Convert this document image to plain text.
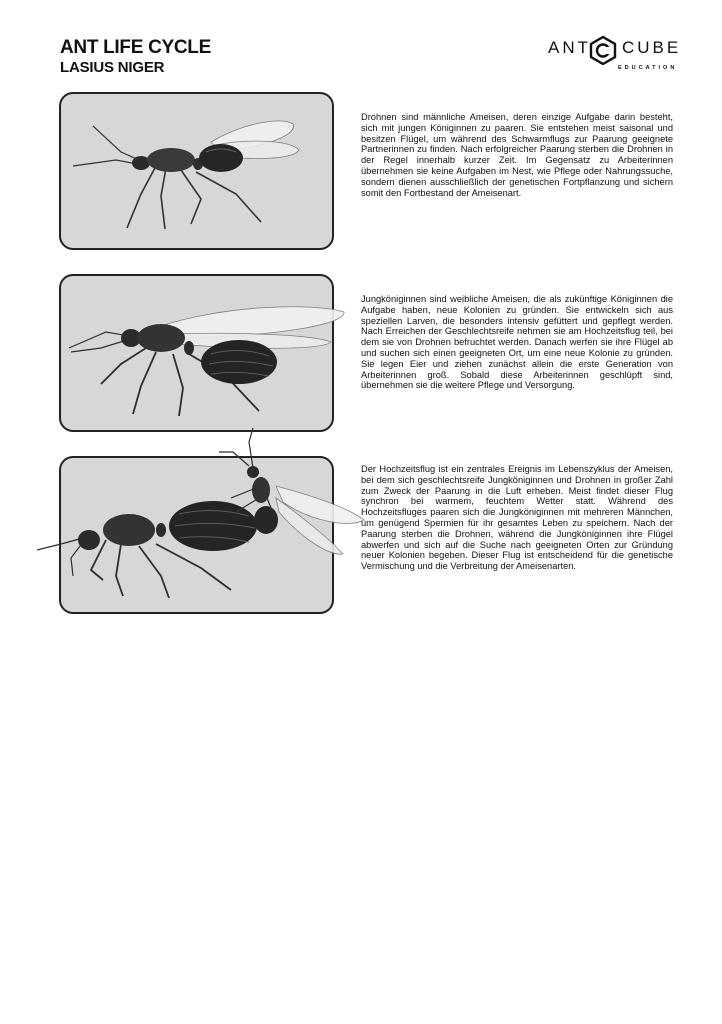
ANT LIFE CYCLE
LASIUS NIGER
ANT CUBE
EDUCATION
Drohnen sind männliche Ameisen, deren einzige Aufgabe darin besteht, sich mit jungen Königinnen zu paaren. Sie entstehen meist saisonal und besitzen Flügel, um während des Schwarmflugs zur Paarung geeignete Partnerinnen zu finden. Nach erfolgreicher Paarung sterben die Drohnen in der Regel innerhalb kurzer Zeit. Im Gegensatz zu Arbeiterinnen übernehmen sie keine Aufgaben im Nest, wie Pflege oder Nahrungssuche, sondern dienen ausschließlich der genetischen Fortpflanzung und sichern somit den Fortbestand der Ameisenart.
Jungköniginnen sind weibliche Ameisen, die als zukünftige Königinnen die Aufgabe haben, neue Kolonien zu gründen. Sie entwickeln sich aus speziellen Larven, die besonders intensiv gefüttert und gepflegt werden. Nach Erreichen der Geschlechtsreife nehmen sie am Hochzeitsflug teil, bei dem sie von Drohnen befruchtet werden. Danach werfen sie ihre Flügel ab und suchen sich einen geeigneten Ort, um eine neue Kolonie zu gründen. Sie legen Eier und ziehen zunächst allein die erste Generation von Arbeiterinnen groß. Sobald diese Arbeiterinnen geschlüpft sind, übernehmen sie die weitere Pflege und Versorgung.
Der Hochzeitsflug ist ein zentrales Ereignis im Lebenszyklus der Ameisen, bei dem sich geschlechtsreife Jungköniginnen und Drohnen in großer Zahl zum Zweck der Paarung in die Luft erheben. Meist findet dieser Flug synchron bei warmem, feuchtem Wetter statt. Während des Hochzeitsfluges paaren sich die Jungköniginnen mit mehreren Männchen, um genügend Spermien für ihr gesamtes Leben zu speichern. Nach der Paarung sterben die Drohnen, während die Jungköniginnen ihre Flügel abwerfen und sich auf die Suche nach geeigneten Orten zur Gründung neuer Kolonien begeben. Dieser Flug ist entscheidend für die genetische Vermischung und die Verbreitung der Ameisenarten.
